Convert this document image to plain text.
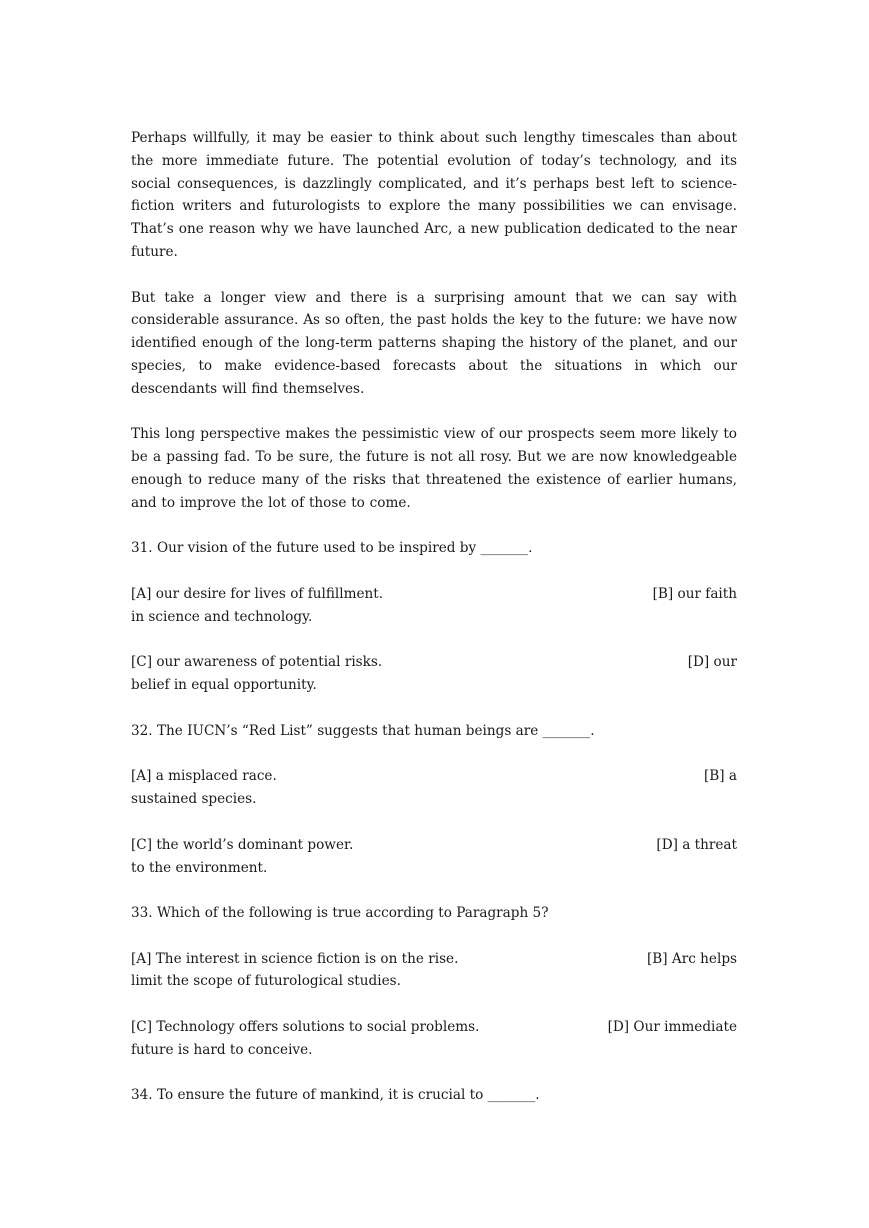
Perhaps willfully, it may be easier to think about such lengthy timescales than about the more immediate future. The potential evolution of today’s technology, and its social consequences, is dazzlingly complicated, and it’s perhaps best left to science-fiction writers and futurologists to explore the many possibilities we can envisage. That’s one reason why we have launched Arc, a new publication dedicated to the near future.

But take a longer view and there is a surprising amount that we can say with considerable assurance. As so often, the past holds the key to the future: we have now identified enough of the long-term patterns shaping the history of the planet, and our species, to make evidence-based forecasts about the situations in which our descendants will find themselves.

This long perspective makes the pessimistic view of our prospects seem more likely to be a passing fad. To be sure, the future is not all rosy. But we are now knowledgeable enough to reduce many of the risks that threatened the existence of earlier humans, and to improve the lot of those to come.

31. Our vision of the future used to be inspired by _______.
[A] our desire for lives of fulfillment.	[B] our faith
in science and technology.
[C] our awareness of potential risks.	[D] our
belief in equal opportunity.
32. The IUCN’s “Red List” suggests that human beings are _______.
[A] a misplaced race.	[B] a
sustained species.
[C] the world’s dominant power.	[D] a threat
to the environment.
33. Which of the following is true according to Paragraph 5?
[A] The interest in science fiction is on the rise.	[B] Arc helps
limit the scope of futurological studies.
[C] Technology offers solutions to social problems.	[D] Our immediate
future is hard to conceive.
34. To ensure the future of mankind, it is crucial to _______.
